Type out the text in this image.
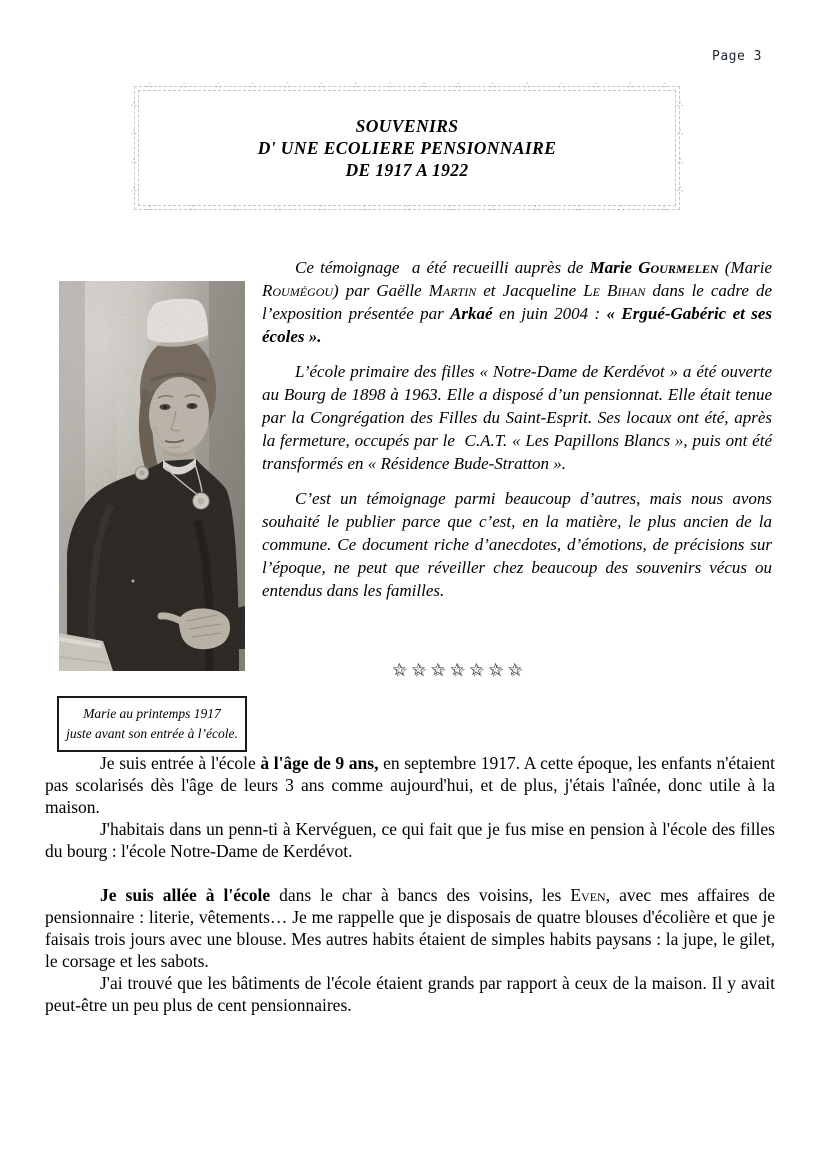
Page 3
∴	∴	∴	∴	∴	∴	∴	∴	∴	∴	∴	∴	∴	∴	∴	∴
∴	∴	∴	∴	∴	∴	∴	∴	∴	∴	∴	∴	∴
∴
∴
∴
∴
∴
∴
∴
∴
SOUVENIRS
D' UNE ECOLIERE PENSIONNAIRE
DE 1917 A 1922

Ce témoignage  a été recueilli auprès de Marie Gourmelen (Marie Roumégou) par Gaëlle Martin et Jacqueline Le Bihan dans le cadre de l’exposition présentée par Arkaé en juin 2004 : « Ergué-Gabéric et ses écoles ».

L’école primaire des filles « Notre-Dame de Kerdévot » a été ouverte au Bourg de 1898 à 1963. Elle a disposé d’un pensionnat. Elle était tenue par la Congrégation des Filles du Saint-Esprit. Ses locaux ont été, après la fermeture, occupés par le  C.A.T. « Les Papillons Blancs », puis ont été transformés en « Résidence Bude-Stratton ».

C’est un témoignage parmi beaucoup d’autres, mais nous avons souhaité le publier parce que c’est, en la matière, le plus ancien de la commune. Ce document riche d’anecdotes, d’émotions, de précisions sur l’époque, ne peut que réveiller chez beaucoup des souvenirs vécus ou entendus dans les familles.

☆ ☆ ☆ ☆ ☆ ☆ ☆
Marie au printemps 1917
juste avant son entrée à l’école.

Je suis entrée à l'école à l'âge de 9 ans, en septembre 1917. A cette époque, les enfants n'étaient pas scolarisés dès l'âge de leurs 3 ans comme aujourd'hui, et de plus, j'étais l'aînée, donc utile à la maison.

J'habitais dans un penn-ti à Kervéguen, ce qui fait que je fus mise en pension à l'école des filles du bourg : l'école Notre-Dame de Kerdévot.

Je suis allée à l'école dans le char à bancs des voisins, les Even, avec mes affaires de pensionnaire : literie, vêtements… Je me rappelle que je disposais de quatre blouses d'écolière et que je faisais trois jours avec une blouse. Mes autres habits étaient de simples habits paysans : la jupe, le gilet, le corsage et les sabots.

J'ai trouvé que les bâtiments de l'école étaient grands par rapport à ceux de la maison. Il y avait peut-être un peu plus de cent pensionnaires.
